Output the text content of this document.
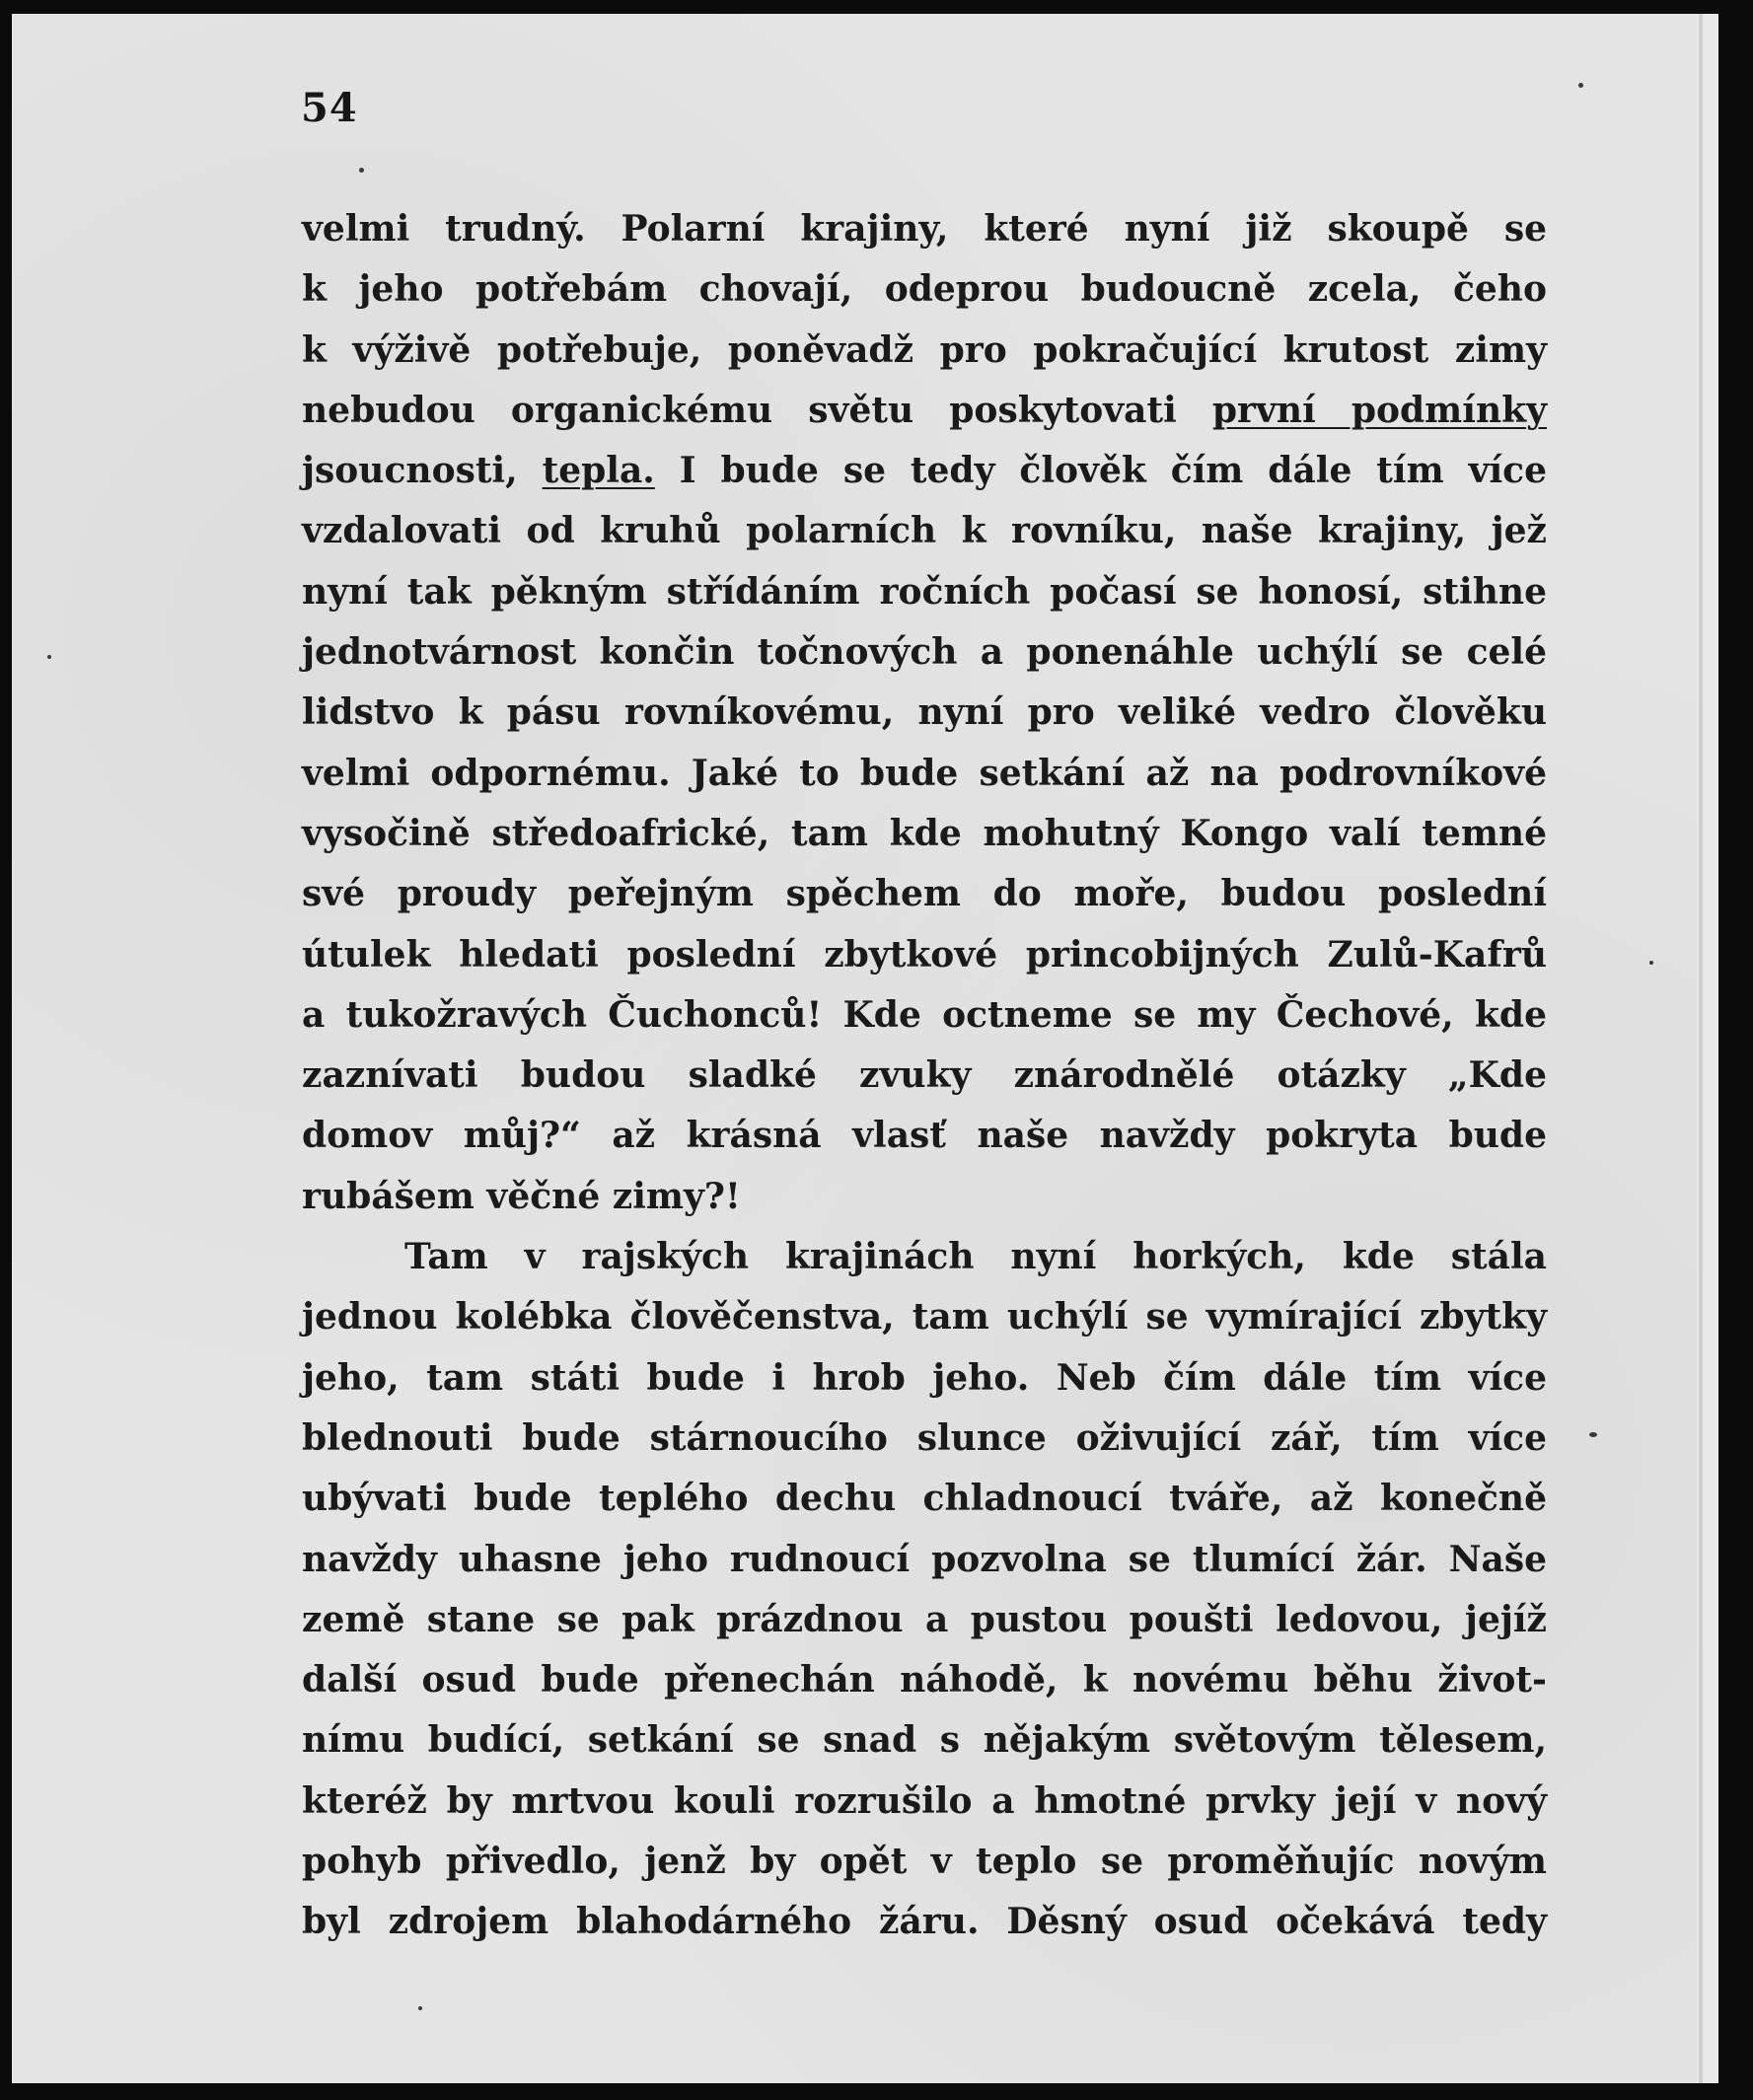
54
velmi trudný. Polarní krajiny, které nyní již skoupě se
k jeho potřebám chovají, odeprou budoucně zcela, čeho
k výživě potřebuje, poněvadž pro pokračující krutost zimy
nebudou organickému světu poskytovati první podmínky
jsoucnosti, tepla. I bude se tedy člověk čím dále tím více
vzdalovati od kruhů polarních k rovníku, naše krajiny, jež
nyní tak pěkným střídáním ročních počasí se honosí, stihne
jednotvárnost končin točnových a ponenáhle uchýlí se celé
lidstvo k pásu rovníkovému, nyní pro veliké vedro člověku
velmi odpornému. Jaké to bude setkání až na podrovníkové
vysočině středoafrické, tam kde mohutný Kongo valí temné
své proudy peřejným spěchem do moře, budou poslední
útulek hledati poslední zbytkové princobijných Zulů-Kafrů
a tukožravých Čuchonců! Kde octneme se my Čechové, kde
zaznívati budou sladké zvuky znárodnělé otázky „Kde
domov můj?“ až krásná vlasť naše navždy pokryta bude
rubášem věčné zimy?!
Tam v rajských krajinách nyní horkých, kde stála
jednou kolébka člověčenstva, tam uchýlí se vymírající zbytky
jeho, tam státi bude i hrob jeho. Neb čím dále tím více
blednouti bude stárnoucího slunce oživující zář, tím více
ubývati bude teplého dechu chladnoucí tváře, až konečně
navždy uhasne jeho rudnoucí pozvolna se tlumící žár. Naše
země stane se pak prázdnou a pustou poušti ledovou, jejíž
další osud bude přenechán náhodě, k novému běhu život-
nímu budící, setkání se snad s nějakým světovým tělesem,
kteréž by mrtvou kouli rozrušilo a hmotné prvky její v nový
pohyb přivedlo, jenž by opět v teplo se proměňujíc novým
byl zdrojem blahodárného žáru. Děsný osud očekává tedy
